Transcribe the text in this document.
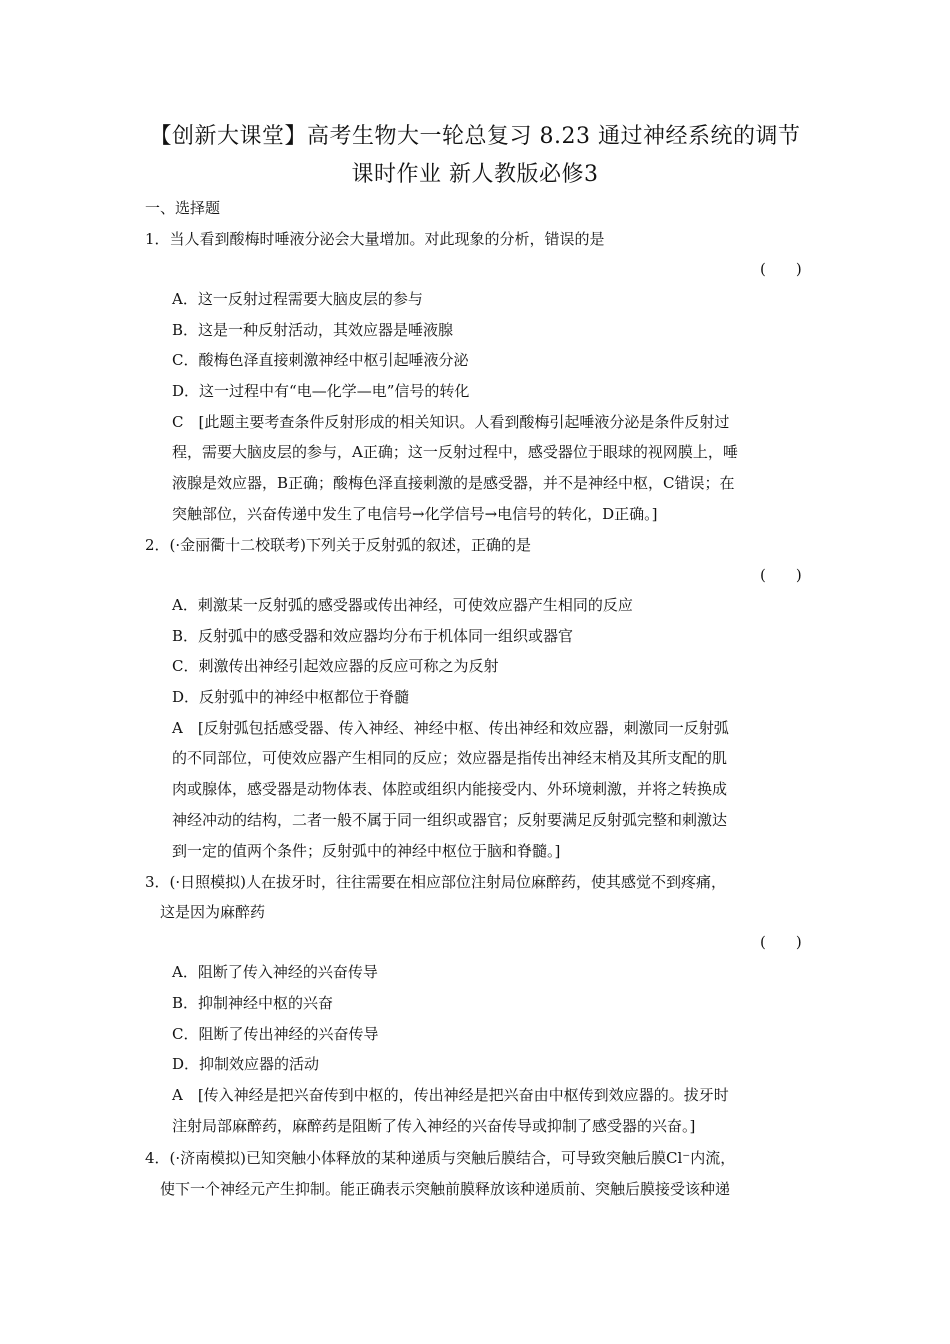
【创新大课堂】高考生物大一轮总复习 8.23 通过神经系统的调节
课时作业 新人教版必修3
一、选择题
1．当人看到酸梅时唾液分泌会大量增加。对此现象的分析，错误的是
(　　)
A．这一反射过程需要大脑皮层的参与
B．这是一种反射活动，其效应器是唾液腺
C．酸梅色泽直接刺激神经中枢引起唾液分泌
D．这一过程中有“电—化学—电”信号的转化
C　[此题主要考查条件反射形成的相关知识。人看到酸梅引起唾液分泌是条件反射过
程，需要大脑皮层的参与，A正确；这一反射过程中，感受器位于眼球的视网膜上，唾
液腺是效应器，B正确；酸梅色泽直接刺激的是感受器，并不是神经中枢，C错误；在
突触部位，兴奋传递中发生了电信号→化学信号→电信号的转化，D正确。]
2．(·金丽衢十二校联考)下列关于反射弧的叙述，正确的是
(　　)
A．刺激某一反射弧的感受器或传出神经，可使效应器产生相同的反应
B．反射弧中的感受器和效应器均分布于机体同一组织或器官
C．刺激传出神经引起效应器的反应可称之为反射
D．反射弧中的神经中枢都位于脊髓
A　[反射弧包括感受器、传入神经、神经中枢、传出神经和效应器，刺激同一反射弧
的不同部位，可使效应器产生相同的反应；效应器是指传出神经末梢及其所支配的肌
肉或腺体，感受器是动物体表、体腔或组织内能接受内、外环境刺激，并将之转换成
神经冲动的结构，二者一般不属于同一组织或器官；反射要满足反射弧完整和刺激达
到一定的值两个条件；反射弧中的神经中枢位于脑和脊髓。]
3．(·日照模拟)人在拔牙时，往往需要在相应部位注射局位麻醉药，使其感觉不到疼痛，
　这是因为麻醉药
(　　)
A．阻断了传入神经的兴奋传导
B．抑制神经中枢的兴奋
C．阻断了传出神经的兴奋传导
D．抑制效应器的活动
A　[传入神经是把兴奋传到中枢的，传出神经是把兴奋由中枢传到效应器的。拔牙时
注射局部麻醉药，麻醉药是阻断了传入神经的兴奋传导或抑制了感受器的兴奋。]
4．(·济南模拟)已知突触小体释放的某种递质与突触后膜结合，可导致突触后膜Cl⁻内流，
　使下一个神经元产生抑制。能正确表示突触前膜释放该种递质前、突触后膜接受该种递
